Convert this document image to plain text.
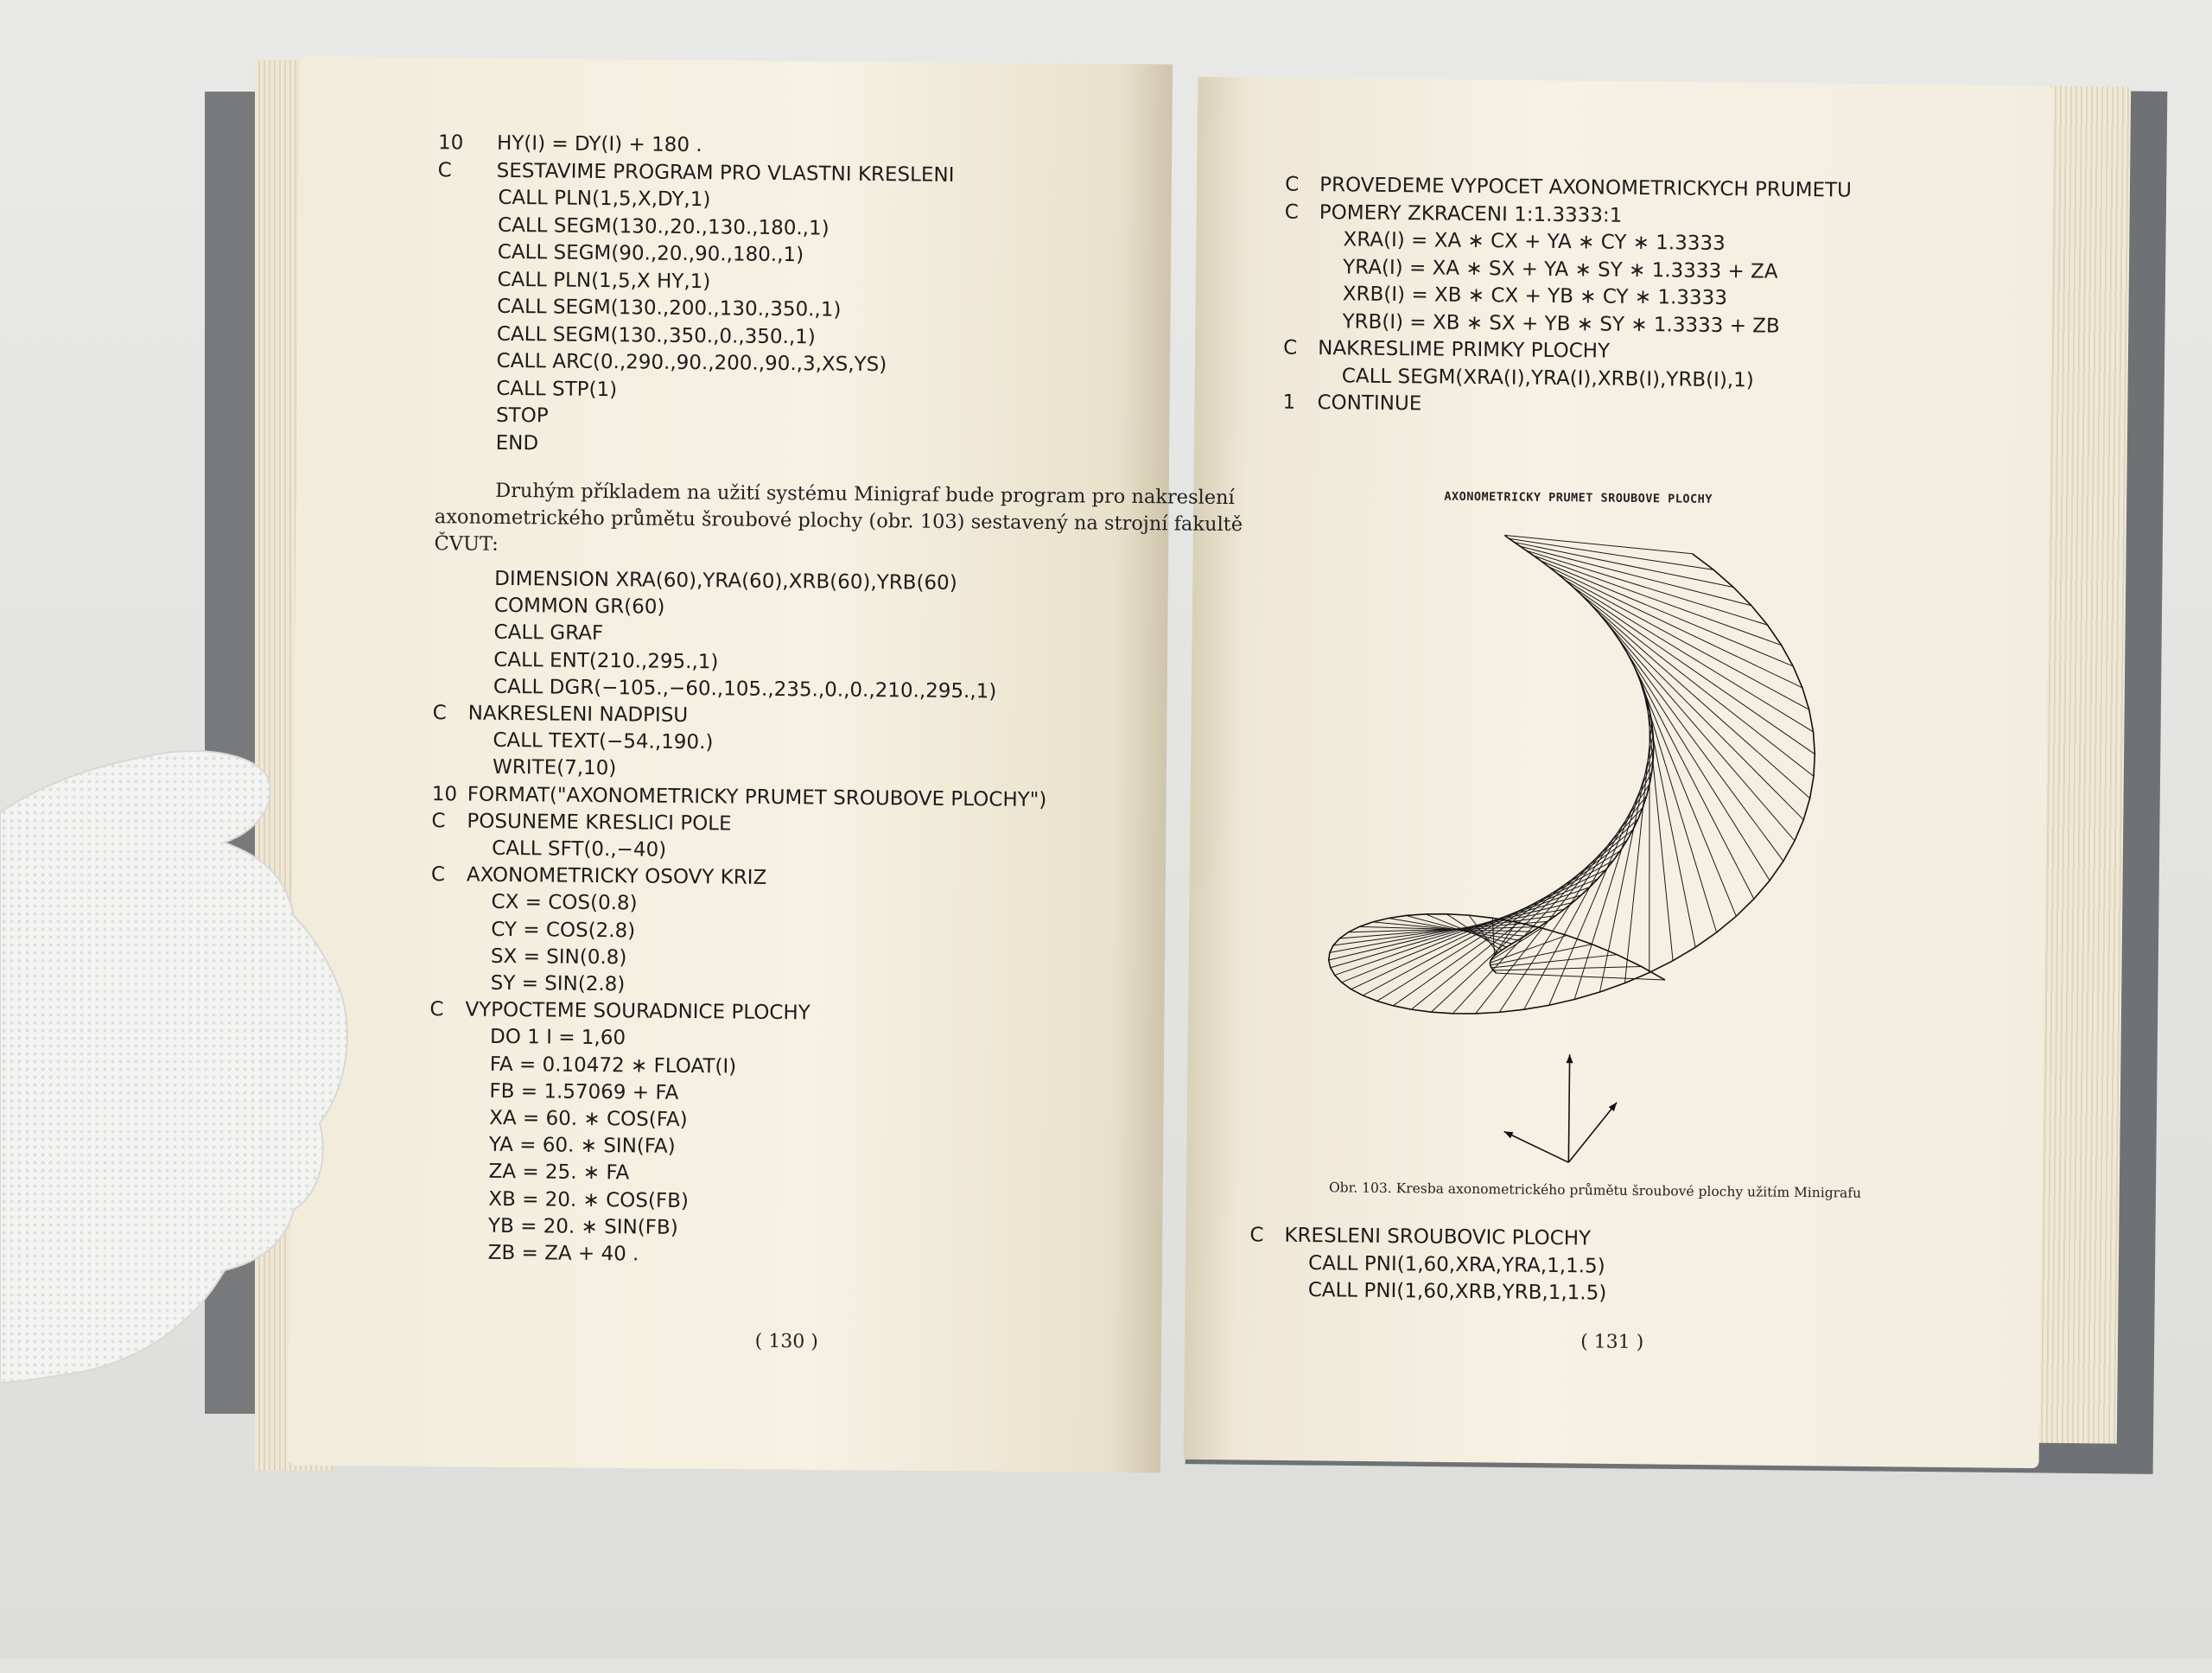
10 HY(I) = DY(I) + 180 .
C SESTAVIME PROGRAM PRO VLASTNI KRESLENI
CALL PLN(1,5,X,DY,1)
CALL SEGM(130.,20.,130.,180.,1)
CALL SEGM(90.,20.,90.,180.,1)
CALL PLN(1,5,X HY,1)
CALL SEGM(130.,200.,130.,350.,1)
CALL SEGM(130.,350.,0.,350.,1)
CALL ARC(0.,290.,90.,200.,90.,3,XS,YS)
CALL STP(1)
STOP
END
Druhým příkladem na užití systému Minigraf bude program pro nakreslení
axonometrického průmětu šroubové plochy (obr. 103) sestavený na strojní fakultě
ČVUT:
DIMENSION XRA(60),YRA(60),XRB(60),YRB(60)
COMMON GR(60)
CALL GRAF
CALL ENT(210.,295.,1)
CALL DGR(−105.,−60.,105.,235.,0.,0.,210.,295.,1)
C NAKRESLENI NADPISU
CALL TEXT(−54.,190.)
WRITE(7,10)
10 FORMAT("AXONOMETRICKY PRUMET SROUBOVE PLOCHY")
C POSUNEME KRESLICI POLE
CALL SFT(0.,−40)
C AXONOMETRICKY OSOVY KRIZ
CX = COS(0.8)
CY = COS(2.8)
SX = SIN(0.8)
SY = SIN(2.8)
C VYPOCTEME SOURADNICE PLOCHY
DO 1 I = 1,60
FA = 0.10472 ∗ FLOAT(I)
FB = 1.57069 + FA
XA = 60. ∗ COS(FA)
YA = 60. ∗ SIN(FA)
ZA = 25. ∗ FA
XB = 20. ∗ COS(FB)
YB = 20. ∗ SIN(FB)
ZB = ZA + 40 .
( 130 )
C PROVEDEME VYPOCET AXONOMETRICKYCH PRUMETU
C POMERY ZKRACENI 1:1.3333:1
XRA(I) = XA ∗ CX + YA ∗ CY ∗ 1.3333
YRA(I) = XA ∗ SX + YA ∗ SY ∗ 1.3333 + ZA
XRB(I) = XB ∗ CX + YB ∗ CY ∗ 1.3333
YRB(I) = XB ∗ SX + YB ∗ SY ∗ 1.3333 + ZB
C NAKRESLIME PRIMKY PLOCHY
CALL SEGM(XRA(I),YRA(I),XRB(I),YRB(I),1)
1 CONTINUE
AXONOMETRICKY PRUMET SROUBOVE PLOCHY
Obr. 103. Kresba axonometrického průmětu šroubové plochy užitím Minigrafu
C KRESLENI SROUBOVIC PLOCHY
CALL PNI(1,60,XRA,YRA,1,1.5)
CALL PNI(1,60,XRB,YRB,1,1.5)
( 131 )
